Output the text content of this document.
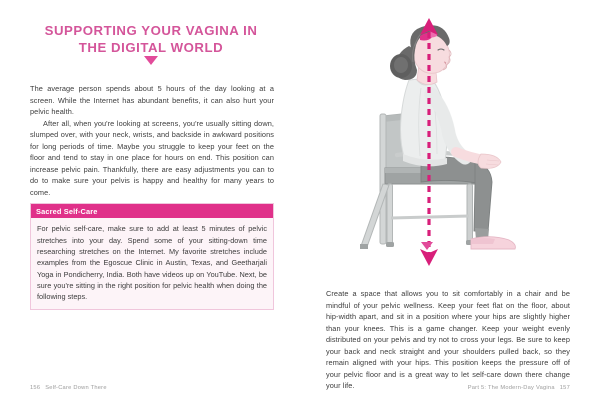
SUPPORTING YOUR VAGINA IN THE DIGITAL WORLD

The average person spends about 5 hours of the day looking at a screen. While the Internet has abundant benefits, it can also hurt your pelvic health.

After all, when you're looking at screens, you're usually sitting down, slumped over, with your neck, wrists, and backside in awkward positions for long periods of time. Maybe you struggle to keep your feet on the floor and tend to stay in one place for hours on end. This position can increase pelvic pain. Thankfully, there are easy adjustments you can to do to make sure your pelvis is happy and healthy for many years to come.

Sacred Self-Care

For pelvic self-care, make sure to add at least 5 minutes of pelvic stretches into your day. Spend some of your sitting-down time researching stretches on the Internet. My favorite stretches include examples from the Egoscue Clinic in Austin, Texas, and Geetharjali Yoga in Pondicherry, India. Both have videos up on YouTube. Next, be sure you're sitting in the right position for pelvic health when doing the following steps.

156 Self-Care Down There	Part 5: The Modern-Day Vagina 157

Create a space that allows you to sit comfortably in a chair and be mindful of your pelvic wellness. Keep your feet flat on the floor, about hip-width apart, and sit in a position where your hips are slightly higher than your knees. This is a game changer. Keep your weight evenly distributed on your pelvis and try not to cross your legs. Be sure to keep your back and neck straight and your shoulders pulled back, so they remain aligned with your hips. This position keeps the pressure off of your pelvic floor and is a great way to let self-care down there change your life.
